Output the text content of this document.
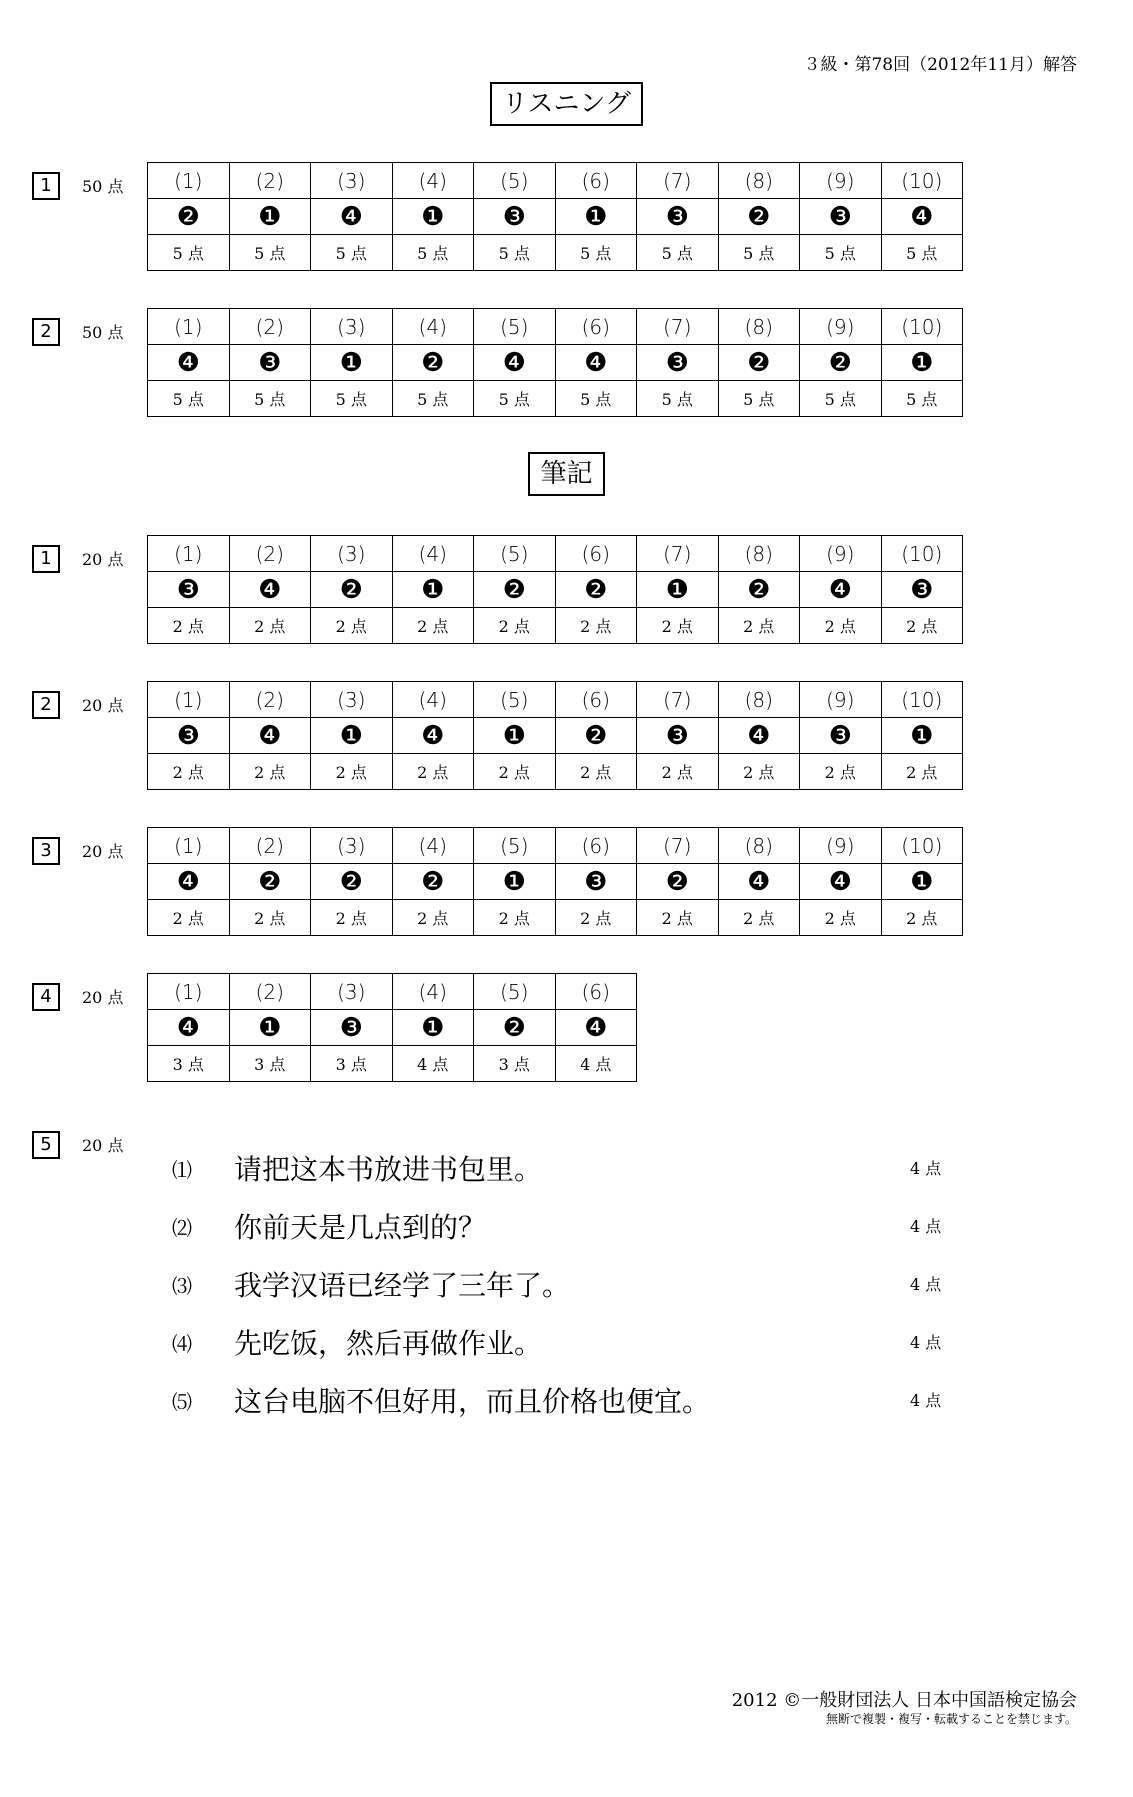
３級・第78回（2012年11月）解答
リスニング
1	50 点	(1)	(2)	(3)	(4)	(5)	(6)	(7)	(8)	(9)	(10)
❷	❶	❹	❶	❸	❶	❸	❷	❸	❹
5 点	5 点	5 点	5 点	5 点	5 点	5 点	5 点	5 点	5 点
2	50 点	(1)	(2)	(3)	(4)	(5)	(6)	(7)	(8)	(9)	(10)
❹	❸	❶	❷	❹	❹	❸	❷	❷	❶
5 点	5 点	5 点	5 点	5 点	5 点	5 点	5 点	5 点	5 点
筆記
1	20 点	(1)	(2)	(3)	(4)	(5)	(6)	(7)	(8)	(9)	(10)
❸	❹	❷	❶	❷	❷	❶	❷	❹	❸
2 点	2 点	2 点	2 点	2 点	2 点	2 点	2 点	2 点	2 点
2	20 点	(1)	(2)	(3)	(4)	(5)	(6)	(7)	(8)	(9)	(10)
❸	❹	❶	❹	❶	❷	❸	❹	❸	❶
2 点	2 点	2 点	2 点	2 点	2 点	2 点	2 点	2 点	2 点
3	20 点	(1)	(2)	(3)	(4)	(5)	(6)	(7)	(8)	(9)	(10)
❹	❷	❷	❷	❶	❸	❷	❹	❹	❶
2 点	2 点	2 点	2 点	2 点	2 点	2 点	2 点	2 点	2 点
4	20 点	(1)	(2)	(3)	(4)	(5)	(6)
❹	❶	❸	❶	❷	❹
3 点	3 点	3 点	4 点	3 点	4 点
5	20 点
⑴ 请把这本书放进书包里。	4 点
⑵ 你前天是几点到的？	4 点
⑶ 我学汉语已经学了三年了。	4 点
⑷ 先吃饭，然后再做作业。	4 点
⑸ 这台电脑不但好用，而且价格也便宜。	4 点
2012 ©一般財団法人 日本中国語検定協会
無断で複製・複写・転載することを禁じます。
